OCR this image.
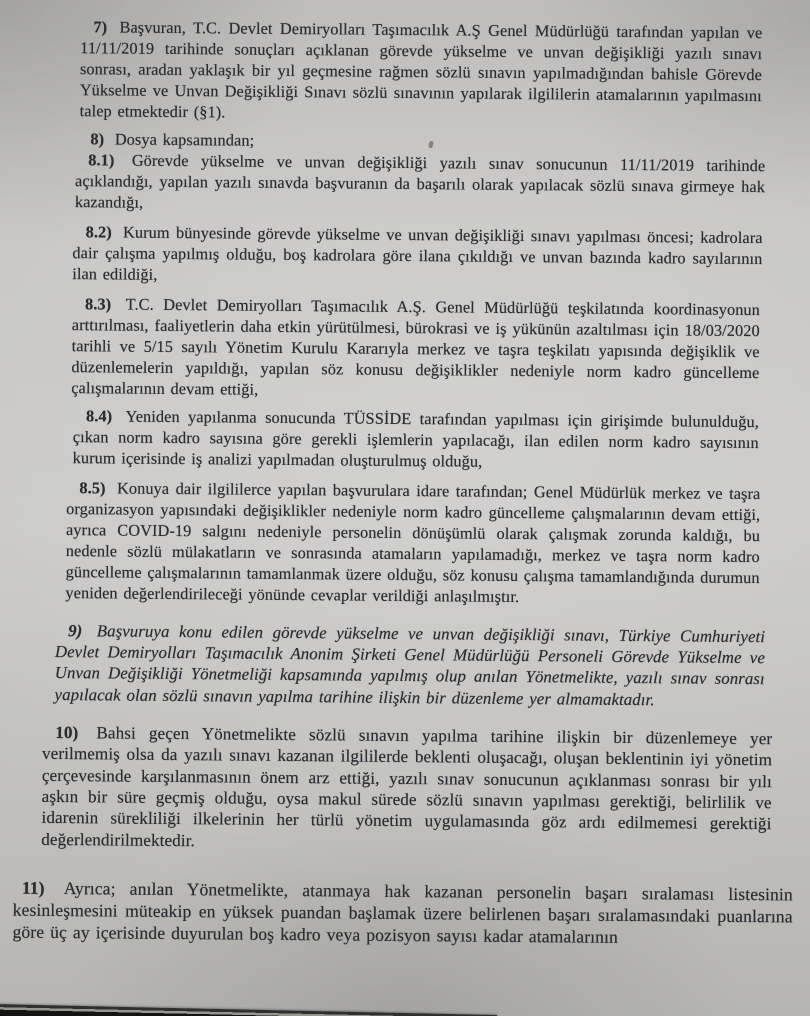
7) Başvuran, T.C. Devlet Demiryolları Taşımacılık A.Ş Genel Müdürlüğü tarafından yapılan ve 11/11/2019 tarihinde sonuçları açıklanan görevde yükselme ve unvan değişikliği yazılı sınavı sonrası, aradan yaklaşık bir yıl geçmesine rağmen sözlü sınavın yapılmadığından bahisle Görevde Yükselme ve Unvan Değişikliği Sınavı sözlü sınavının yapılarak ilgililerin atamalarının yapılmasını talep etmektedir (§1).

8) Dosya kapsamından;

8.1) Görevde yükselme ve unvan değişikliği yazılı sınav sonucunun 11/11/2019 tarihinde açıklandığı, yapılan yazılı sınavda başvuranın da başarılı olarak yapılacak sözlü sınava girmeye hak kazandığı,

8.2) Kurum bünyesinde görevde yükselme ve unvan değişikliği sınavı yapılması öncesi; kadrolara dair çalışma yapılmış olduğu, boş kadrolara göre ilana çıkıldığı ve unvan bazında kadro sayılarının ilan edildiği,

8.3) T.C. Devlet Demiryolları Taşımacılık A.Ş. Genel Müdürlüğü teşkilatında koordinasyonun arttırılması, faaliyetlerin daha etkin yürütülmesi, bürokrasi ve iş yükünün azaltılması için 18/03/2020 tarihli ve 5/15 sayılı Yönetim Kurulu Kararıyla merkez ve taşra teşkilatı yapısında değişiklik ve düzenlemelerin yapıldığı, yapılan söz konusu değişiklikler nedeniyle norm kadro güncelleme çalışmalarının devam ettiği,

8.4) Yeniden yapılanma sonucunda TÜSSİDE tarafından yapılması için girişimde bulunulduğu, çıkan norm kadro sayısına göre gerekli işlemlerin yapılacağı, ilan edilen norm kadro sayısının kurum içerisinde iş analizi yapılmadan oluşturulmuş olduğu,

8.5) Konuya dair ilgililerce yapılan başvurulara idare tarafından; Genel Müdürlük merkez ve taşra organizasyon yapısındaki değişiklikler nedeniyle norm kadro güncelleme çalışmalarının devam ettiği, ayrıca COVID-19 salgını nedeniyle personelin dönüşümlü olarak çalışmak zorunda kaldığı, bu nedenle sözlü mülakatların ve sonrasında atamaların yapılamadığı, merkez ve taşra norm kadro güncelleme çalışmalarının tamamlanmak üzere olduğu, söz konusu çalışma tamamlandığında durumun yeniden değerlendirileceği yönünde cevaplar verildiği anlaşılmıştır.

9) Başvuruya konu edilen görevde yükselme ve unvan değişikliği sınavı, Türkiye Cumhuriyeti Devlet Demiryolları Taşımacılık Anonim Şirketi Genel Müdürlüğü Personeli Görevde Yükselme ve Unvan Değişikliği Yönetmeliği kapsamında yapılmış olup anılan Yönetmelikte, yazılı sınav sonrası yapılacak olan sözlü sınavın yapılma tarihine ilişkin bir düzenleme yer almamaktadır.

10) Bahsi geçen Yönetmelikte sözlü sınavın yapılma tarihine ilişkin bir düzenlemeye yer verilmemiş olsa da yazılı sınavı kazanan ilgililerde beklenti oluşacağı, oluşan beklentinin iyi yönetim çerçevesinde karşılanmasının önem arz ettiği, yazılı sınav sonucunun açıklanması sonrası bir yılı aşkın bir süre geçmiş olduğu, oysa makul sürede sözlü sınavın yapılması gerektiği, belirlilik ve idarenin sürekliliği ilkelerinin her türlü yönetim uygulamasında göz ardı edilmemesi gerektiği değerlendirilmektedir.

11) Ayrıca; anılan Yönetmelikte, atanmaya hak kazanan personelin başarı sıralaması listesinin kesinleşmesini müteakip en yüksek puandan başlamak üzere belirlenen başarı sıralamasındaki puanlarına göre üç ay içerisinde duyurulan boş kadro veya pozisyon sayısı kadar atamalarının
